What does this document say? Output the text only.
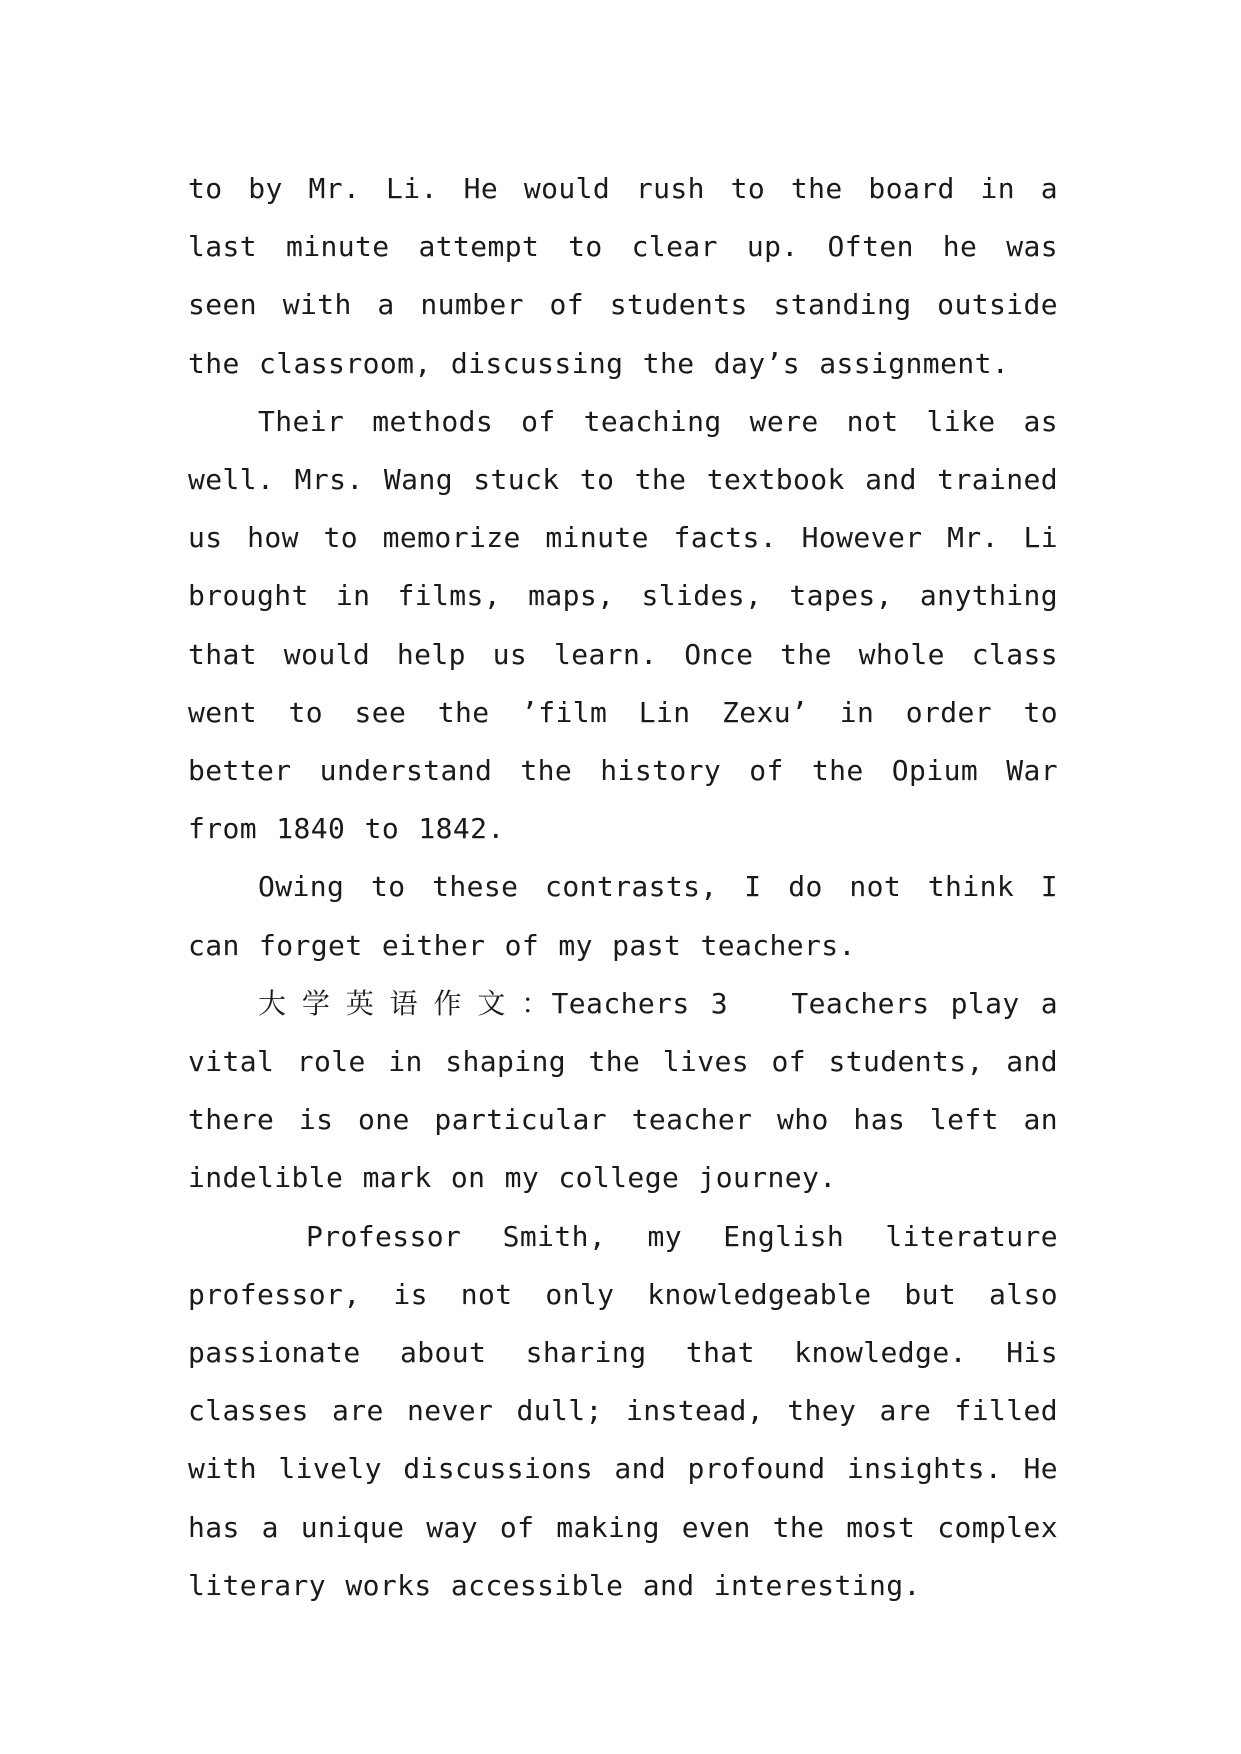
to by Mr. Li. He would rush to the board in a last minute attempt to clear up. Often he was seen with a number of students standing outside the classroom, discussing the day’s assignment.

Their methods of teaching were not like as well. Mrs. Wang stuck to the textbook and trained us how to memorize minute facts. However Mr. Li brought in films, maps, slides, tapes, anything that would help us learn. Once the whole class went to see the ’film Lin Zexu’ in order to better understand the history of the Opium War from 1840 to 1842.

Owing to these contrasts, I do not think I can forget either of my past teachers.

大学英语作文：Teachers 3   Teachers play a vital role in shaping the lives of students, and there is one particular teacher who has left an indelible mark on my college journey.

Professor Smith, my English literature professor, is not only knowledgeable but also passionate about sharing that knowledge. His classes are never dull; instead, they are filled with lively discussions and profound insights. He has a unique way of making even the most complex literary works accessible and interesting.
